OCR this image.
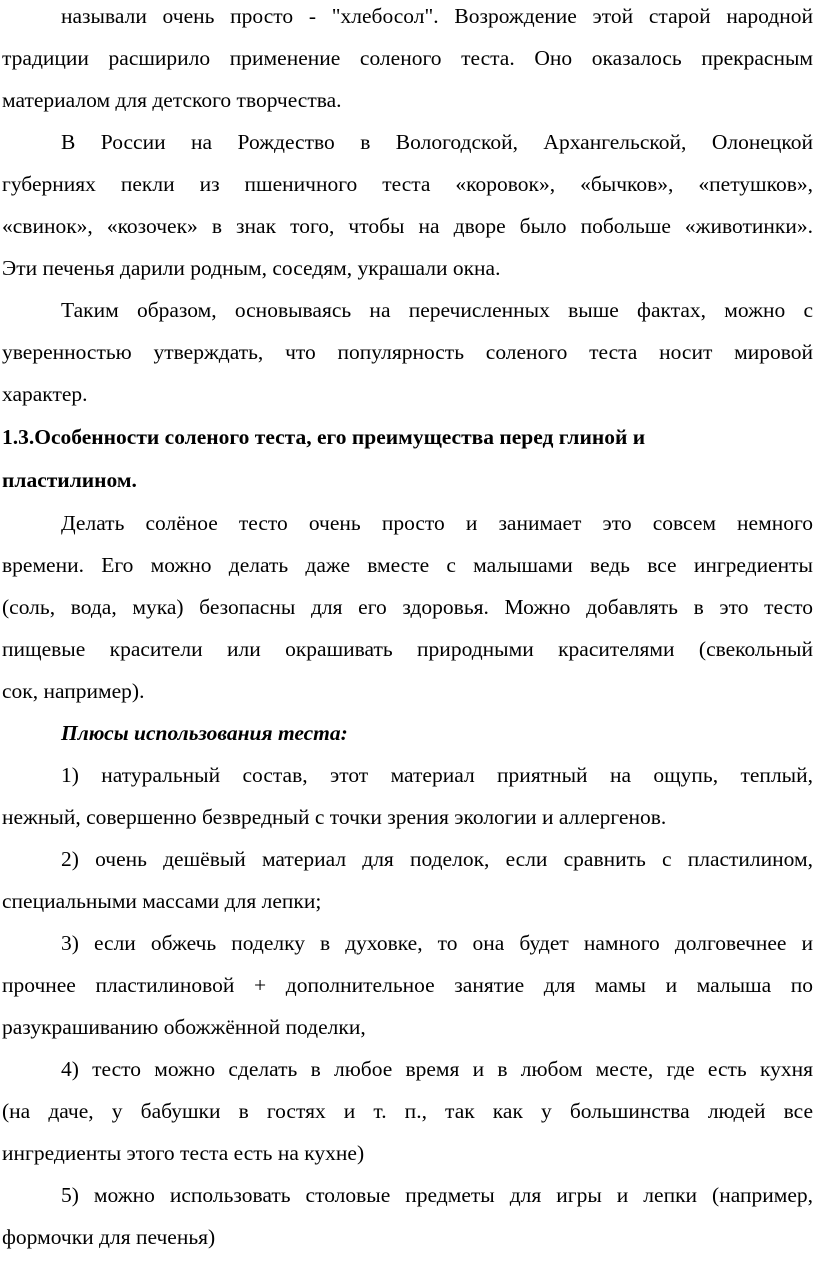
называли очень просто - "хлебосол". Возрождение этой старой народной
традиции расширило применение соленого теста. Оно оказалось прекрасным
материалом для детского творчества.
В России на Рождество в Вологодской, Архангельской, Олонецкой
губерниях пекли из пшеничного теста «коровок», «бычков», «петушков»,
«свинок», «козочек» в знак того, чтобы на дворе было побольше «животинки».
Эти печенья дарили родным, соседям, украшали окна.
Таким образом, основываясь на перечисленных выше фактах, можно с
уверенностью утверждать, что популярность соленого теста носит мировой
характер.
1.3.Особенности соленого теста, его преимущества перед глиной и
пластилином.
Делать солёное тесто очень просто и занимает это совсем немного
времени. Его можно делать даже вместе с малышами ведь все ингредиенты
(соль, вода, мука) безопасны для его здоровья. Можно добавлять в это тесто
пищевые красители или окрашивать природными красителями (свекольный
сок, например).
Плюсы использования теста:
1) натуральный состав, этот материал приятный на ощупь, теплый,
нежный, совершенно безвредный с точки зрения экологии и аллергенов.
2) очень дешёвый материал для поделок, если сравнить с пластилином,
специальными массами для лепки;
3) если обжечь поделку в духовке, то она будет намного долговечнее и
прочнее пластилиновой + дополнительное занятие для мамы и малыша по
разукрашиванию обожжённой поделки,
4) тесто можно сделать в любое время и в любом месте, где есть кухня
(на даче, у бабушки в гостях и т. п., так как у большинства людей все
ингредиенты этого теста есть на кухне)
5) можно использовать столовые предметы для игры и лепки (например,
формочки для печенья)
